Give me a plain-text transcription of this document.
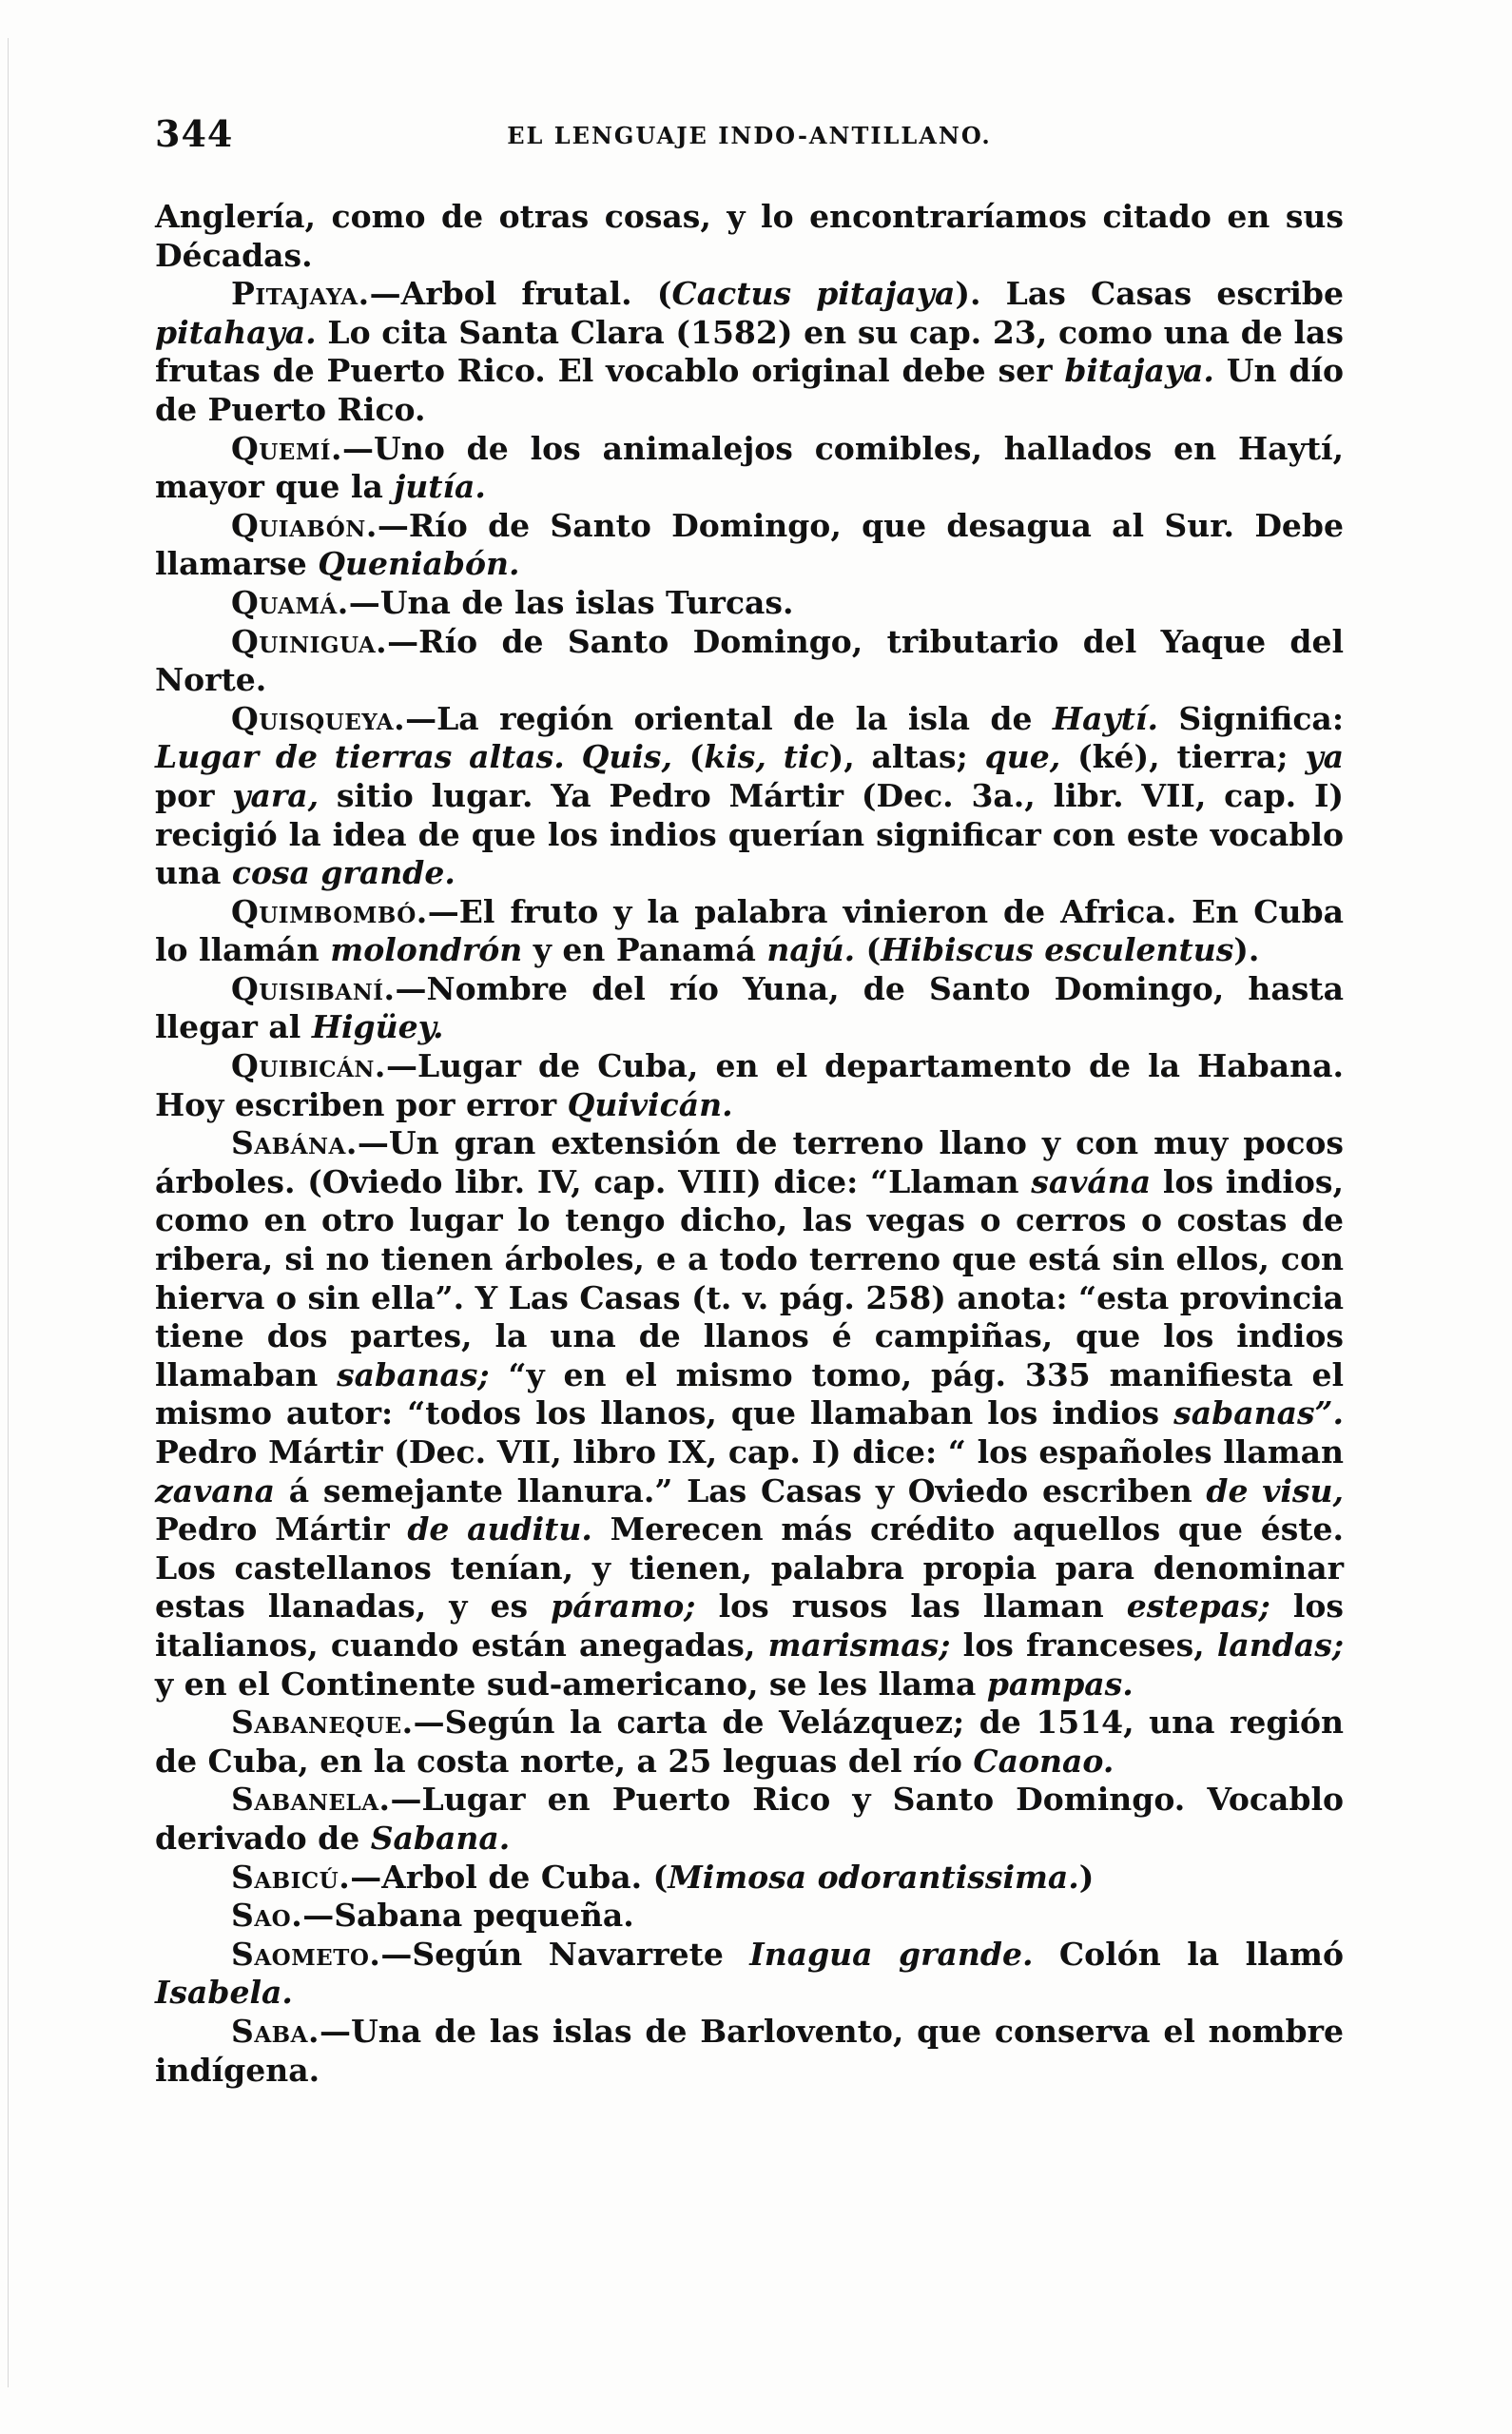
344	EL LENGUAJE INDO-ANTILLANO.

Anglería, como de otras cosas, y lo encontraríamos citado en sus Décadas.

Pitajaya.—Arbol frutal. (Cactus pitajaya). Las Casas escribe pitahaya. Lo cita Santa Clara (1582) en su cap. 23, como una de las frutas de Puerto Rico. El vocablo original debe ser bitajaya. Un dío de Puerto Rico.

Quemí.—Uno de los animalejos comibles, hallados en Haytí, mayor que la jutía.

Quiabón.—Río de Santo Domingo, que desagua al Sur. Debe llamarse Queniabón.

Quamá.—Una de las islas Turcas.

Quinigua.—Río de Santo Domingo, tributario del Yaque del Norte.

Quisqueya.—La región oriental de la isla de Haytí. Significa: Lugar de tierras altas. Quis, (kis, tic), altas; que, (ké), tierra; ya por yara, sitio lugar. Ya Pedro Mártir (Dec. 3a., libr. VII, cap. I) recigió la idea de que los indios querían significar con este vocablo una cosa grande.

Quimbombó.—El fruto y la palabra vinieron de Africa. En Cuba lo llamán molondrón y en Panamá najú. (Hibiscus esculentus).

Quisibaní.—Nombre del río Yuna, de Santo Domingo, hasta llegar al Higüey.

Quibicán.—Lugar de Cuba, en el departamento de la Habana. Hoy escriben por error Quivicán.

Sabána.—Un gran extensión de terreno llano y con muy pocos árboles. (Oviedo libr. IV, cap. VIII) dice: “Llaman savána los indios, como en otro lugar lo tengo dicho, las vegas o cerros o costas de ribera, si no tienen árboles, e a todo terreno que está sin ellos, con hierva o sin ella”. Y Las Casas (t. v. pág. 258) anota: “esta provincia tiene dos partes, la una de llanos é campiñas, que los indios llamaban sabanas; “y en el mismo tomo, pág. 335 manifiesta el mismo autor: “todos los llanos, que llamaban los indios sabanas”. Pedro Mártir (Dec. VII, libro IX, cap. I) dice: “ los españoles llaman zavana á semejante llanura.” Las Casas y Oviedo escriben de visu, Pedro Mártir de auditu. Merecen más crédito aquellos que éste. Los castellanos tenían, y tienen, palabra propia para denominar estas llanadas, y es páramo; los rusos las llaman estepas; los italianos, cuando están anegadas, marismas; los franceses, landas; y en el Continente sud-americano, se les llama pampas.

Sabaneque.—Según la carta de Velázquez; de 1514, una región de Cuba, en la costa norte, a 25 leguas del río Caonao.

Sabanela.—Lugar en Puerto Rico y Santo Domingo. Vocablo derivado de Sabana.

Sabicú.—Arbol de Cuba. (Mimosa odorantissima.)

Sao.—Sabana pequeña.

Saometo.—Según Navarrete Inagua grande. Colón la llamó Isabela.

Saba.—Una de las islas de Barlovento, que conserva el nombre indígena.
